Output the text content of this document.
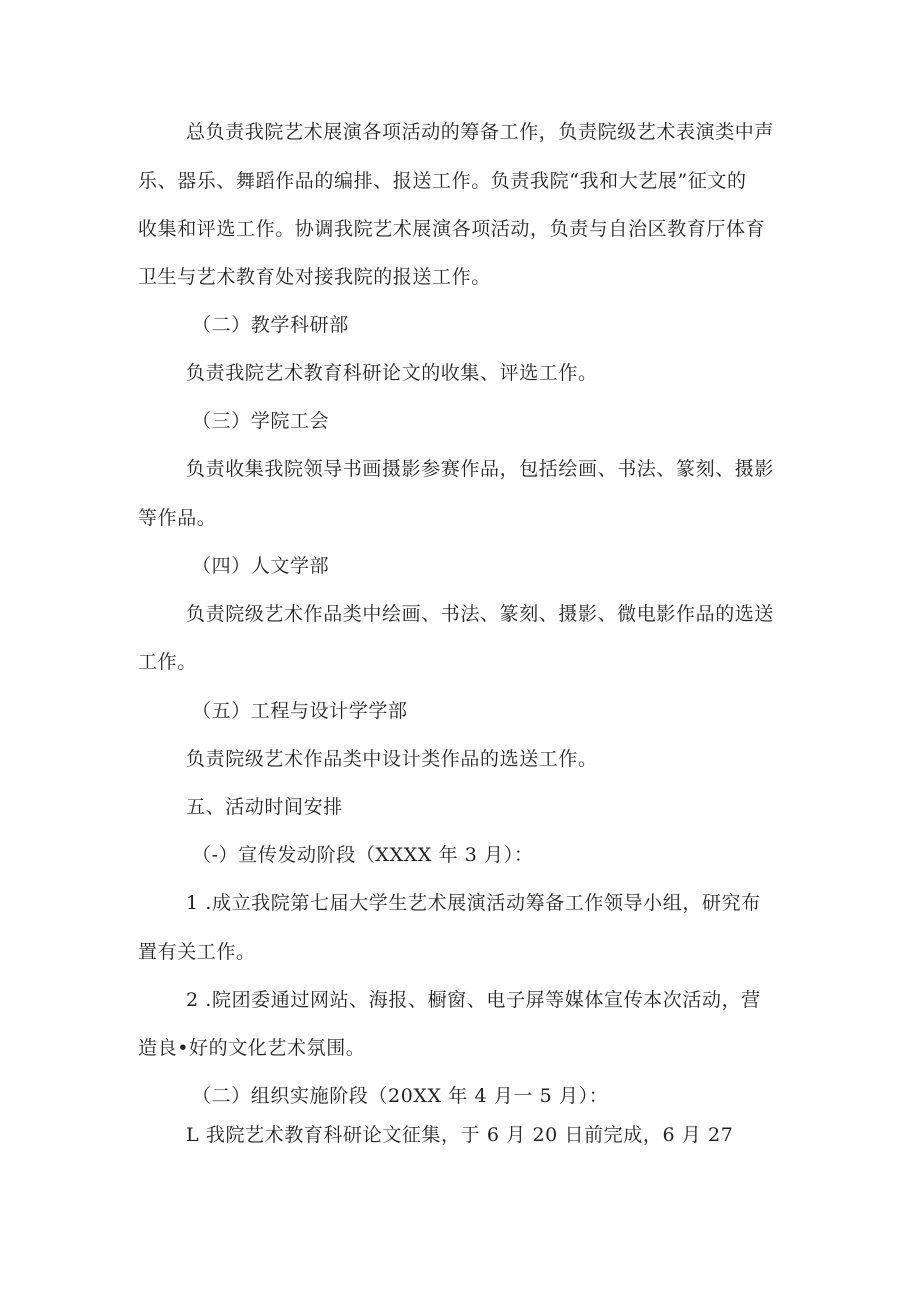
总负责我院艺术展演各项活动的筹备工作，负责院级艺术表演类中声
乐、器乐、舞蹈作品的编排、报送工作。负责我院“我和大艺展”征文的
收集和评选工作。协调我院艺术展演各项活动，负责与自治区教育厅体育
卫生与艺术教育处对接我院的报送工作。
（二）教学科研部
负责我院艺术教育科研论文的收集、评选工作。
（三）学院工会
负责收集我院领导书画摄影参赛作品，包括绘画、书法、篆刻、摄影
等作品。
（四）人文学部
负责院级艺术作品类中绘画、书法、篆刻、摄影、微电影作品的选送
工作。
（五）工程与设计学学部
负责院级艺术作品类中设计类作品的选送工作。
五、活动时间安排
（-）宣传发动阶段（XXXX 年 3 月）：
1 .成立我院第七届大学生艺术展演活动筹备工作领导小组，研究布
置有关工作。
2 .院团委通过网站、海报、橱窗、电子屏等媒体宣传本次活动，营
造良•好的文化艺术氛围。
（二）组织实施阶段（20XX 年 4 月一 5 月）：
L 我院艺术教育科研论文征集，于 6 月 20 日前完成，6 月 27
